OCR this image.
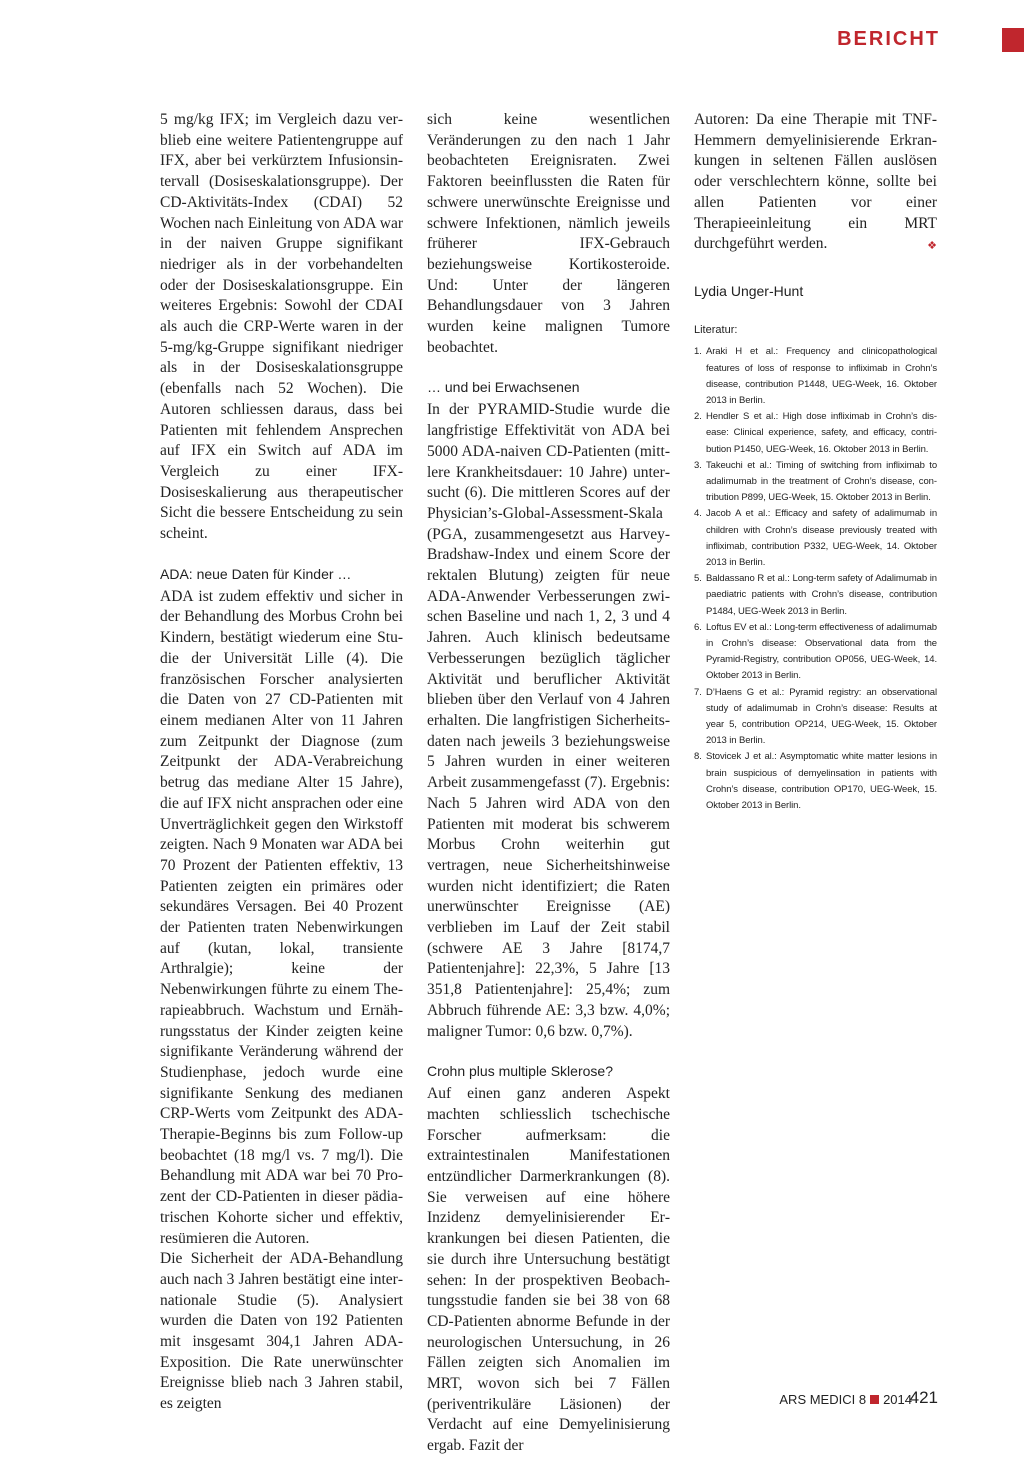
BERICHT

5 mg/kg IFX; im Vergleich dazu verblieb eine weitere Patientengruppe auf IFX, aber bei verkürztem Infusionsintervall (Dosiseskalationsgruppe). Der CD-Aktivitäts-Index (CDAI) 52 Wochen nach Einleitung von ADA war in der naiven Gruppe signifikant niedriger als in der vorbehandelten oder der Dosiseskalationsgruppe. Ein weiteres Ergebnis: Sowohl der CDAI als auch die CRP-Werte waren in der 5-mg/kg-Gruppe signifikant niedriger als in der Dosiseskalationsgruppe (ebenfalls nach 52 Wochen). Die Autoren schliessen daraus, dass bei Patienten mit fehlendem Ansprechen auf IFX ein Switch auf ADA im Vergleich zu einer IFX-Dosiseskalierung aus therapeutischer Sicht die bessere Entscheidung zu sein scheint.

ADA: neue Daten für Kinder …

ADA ist zudem effektiv und sicher in der Behandlung des Morbus Crohn bei Kindern, bestätigt wiederum eine Studie der Universität Lille (4). Die französischen Forscher analysierten die Daten von 27 CD-Patienten mit einem medianen Alter von 11 Jahren zum Zeitpunkt der Diagnose (zum Zeitpunkt der ADA-Verabreichung betrug das mediane Alter 15 Jahre), die auf IFX nicht ansprachen oder eine Unverträglichkeit gegen den Wirkstoff zeigten. Nach 9 Monaten war ADA bei 70 Prozent der Patienten effektiv, 13 Patienten zeigten ein primäres oder sekundäres Versagen. Bei 40 Prozent der Patienten traten Nebenwirkungen auf (kutan, lokal, transiente Arthralgie); keine der Nebenwirkungen führte zu einem Therapieabbruch. Wachstum und Ernährungsstatus der Kinder zeigten keine signifikante Veränderung während der Studienphase, jedoch wurde eine signifikante Senkung des medianen CRP-Werts vom Zeitpunkt des ADA-Therapie-Beginns bis zum Follow-up beobachtet (18 mg/l vs. 7 mg/l). Die Behandlung mit ADA war bei 70 Prozent der CD-Patienten in dieser pädiatrischen Kohorte sicher und effektiv, resümieren die Autoren.

Die Sicherheit der ADA-Behandlung auch nach 3 Jahren bestätigt eine internationale Studie (5). Analysiert wurden die Daten von 192 Patienten mit insgesamt 304,1 Jahren ADA-Exposition. Die Rate unerwünschter Ereignisse blieb nach 3 Jahren stabil, es zeigten

sich keine wesentlichen Veränderungen zu den nach 1 Jahr beobachteten Ereignisraten. Zwei Faktoren beeinflussten die Raten für schwere unerwünschte Ereignisse und schwere Infektionen, nämlich jeweils früherer IFX-Gebrauch beziehungsweise Kortikosteroide. Und: Unter der längeren Behandlungsdauer von 3 Jahren wurden keine malignen Tumore beobachtet.

… und bei Erwachsenen

In der PYRAMID-Studie wurde die langfristige Effektivität von ADA bei 5000 ADA-naiven CD-Patienten (mittlere Krankheitsdauer: 10 Jahre) untersucht (6). Die mittleren Scores auf der Physician’s-Global-Assessment-Skala (PGA, zusammengesetzt aus Harvey-Bradshaw-Index und einem Score der rektalen Blutung) zeigten für neue ADA-Anwender Verbesserungen zwischen Baseline und nach 1, 2, 3 und 4 Jahren. Auch klinisch bedeutsame Verbesserungen bezüglich täglicher Aktivität und beruflicher Aktivität blieben über den Verlauf von 4 Jahren erhalten. Die langfristigen Sicherheitsdaten nach jeweils 3 beziehungsweise 5 Jahren wurden in einer weiteren Arbeit zusammengefasst (7). Ergebnis: Nach 5 Jahren wird ADA von den Patienten mit moderat bis schwerem Morbus Crohn weiterhin gut vertragen, neue Sicherheitshinweise wurden nicht identifiziert; die Raten unerwünschter Ereignisse (AE) verblieben im Lauf der Zeit stabil (schwere AE 3 Jahre [8174,7 Patientenjahre]: 22,3%, 5 Jahre [13 351,8 Patientenjahre]: 25,4%; zum Abbruch führende AE: 3,3 bzw. 4,0%; maligner Tumor: 0,6 bzw. 0,7%).

Crohn plus multiple Sklerose?

Auf einen ganz anderen Aspekt machten schliesslich tschechische Forscher aufmerksam: die extraintestinalen Manifestationen entzündlicher Darmerkrankungen (8). Sie verweisen auf eine höhere Inzidenz demyelinisierender Erkrankungen bei diesen Patienten, die sie durch ihre Untersuchung bestätigt sehen: In der prospektiven Beobachtungsstudie fanden sie bei 38 von 68 CD-Patienten abnorme Befunde in der neurologischen Untersuchung, in 26 Fällen zeigten sich Anomalien im MRT, wovon sich bei 7 Fällen (periventrikuläre Läsionen) der Verdacht auf eine Demyelinisierung ergab. Fazit der

Autoren: Da eine Therapie mit TNF-Hemmern demyelinisierende Erkrankungen in seltenen Fällen auslösen oder verschlechtern könne, sollte bei allen Patienten vor einer Therapieeinleitung ein MRT durchgeführt werden.	❖

Lydia Unger-Hunt
Literatur:
1. Araki H et al.: Frequency and clinicopathological features of loss of response to infliximab in Crohn’s disease, contribution P1448, UEG-Week, 16. Oktober 2013 in Berlin.
2. Hendler S et al.: High dose infliximab in Crohn’s disease: Clinical experience, safety, and efficacy, contribution P1450, UEG-Week, 16. Oktober 2013 in Berlin.
3. Takeuchi et al.: Timing of switching from infliximab to adalimumab in the treatment of Crohn’s disease, contribution P899, UEG-Week, 15. Oktober 2013 in Berlin.
4. Jacob A et al.: Efficacy and safety of adalimumab in children with Crohn’s disease previously treated with infliximab, contribution P332, UEG-Week, 14. Oktober 2013 in Berlin.
5. Baldassano R et al.: Long-term safety of Adalimumab in paediatric patients with Crohn’s disease, contribution P1484, UEG-Week 2013 in Berlin.
6. Loftus EV et al.: Long-term effectiveness of adalimumab in Crohn’s disease: Observational data from the Pyramid-Registry, contribution OP056, UEG-Week, 14. Oktober 2013 in Berlin.
7. D’Haens G et al.: Pyramid registry: an observational study of adalimumab in Crohn’s disease: Results at year 5, contribution OP214, UEG-Week, 15. Oktober 2013 in Berlin.
8. Stovicek J et al.: Asymptomatic white matter lesions in brain suspicious of demyelinsation in patients with Crohn’s disease, contribution OP170, UEG-Week, 15. Oktober 2013 in Berlin.
ARS MEDICI 8 2014
421
